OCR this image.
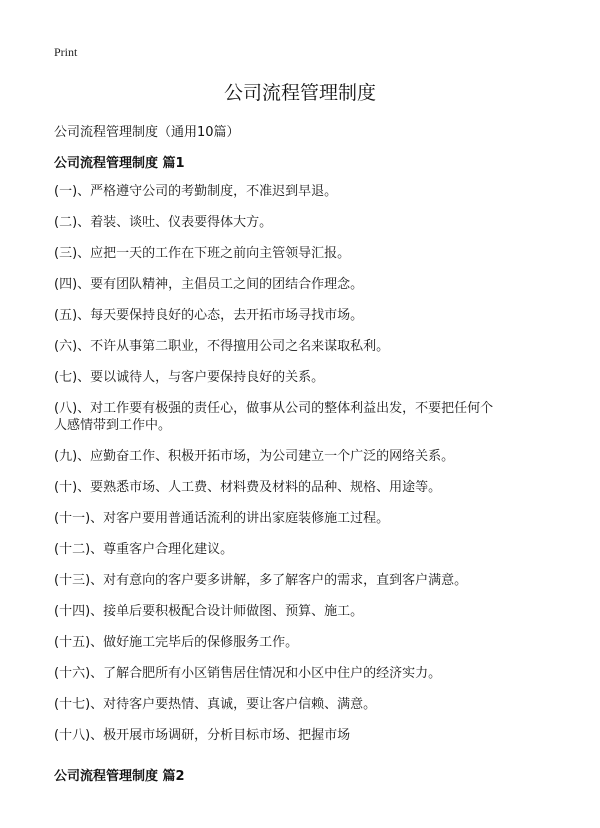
Print
公司流程管理制度
公司流程管理制度（通用10篇）
公司流程管理制度 篇1
(一)、严格遵守公司的考勤制度，不准迟到早退。
(二)、着装、谈吐、仪表要得体大方。
(三)、应把一天的工作在下班之前向主管领导汇报。
(四)、要有团队精神，主倡员工之间的团结合作理念。
(五)、每天要保持良好的心态，去开拓市场寻找市场。
(六)、不许从事第二职业，不得擅用公司之名来谋取私利。
(七)、要以诚待人，与客户要保持良好的关系。
(八)、对工作要有极强的责任心，做事从公司的整体利益出发，不要把任何个人感情带到工作中。
(九)、应勤奋工作、积极开拓市场，为公司建立一个广泛的网络关系。
(十)、要熟悉市场、人工费、材料费及材料的品种、规格、用途等。
(十一)、对客户要用普通话流利的讲出家庭装修施工过程。
(十二)、尊重客户合理化建议。
(十三)、对有意向的客户要多讲解，多了解客户的需求，直到客户满意。
(十四)、接单后要积极配合设计师做图、预算、施工。
(十五)、做好施工完毕后的保修服务工作。
(十六)、了解合肥所有小区销售居住情况和小区中住户的经济实力。
(十七)、对待客户要热情、真诚，要让客户信赖、满意。
(十八)、极开展市场调研，分析目标市场、把握市场
公司流程管理制度 篇2
